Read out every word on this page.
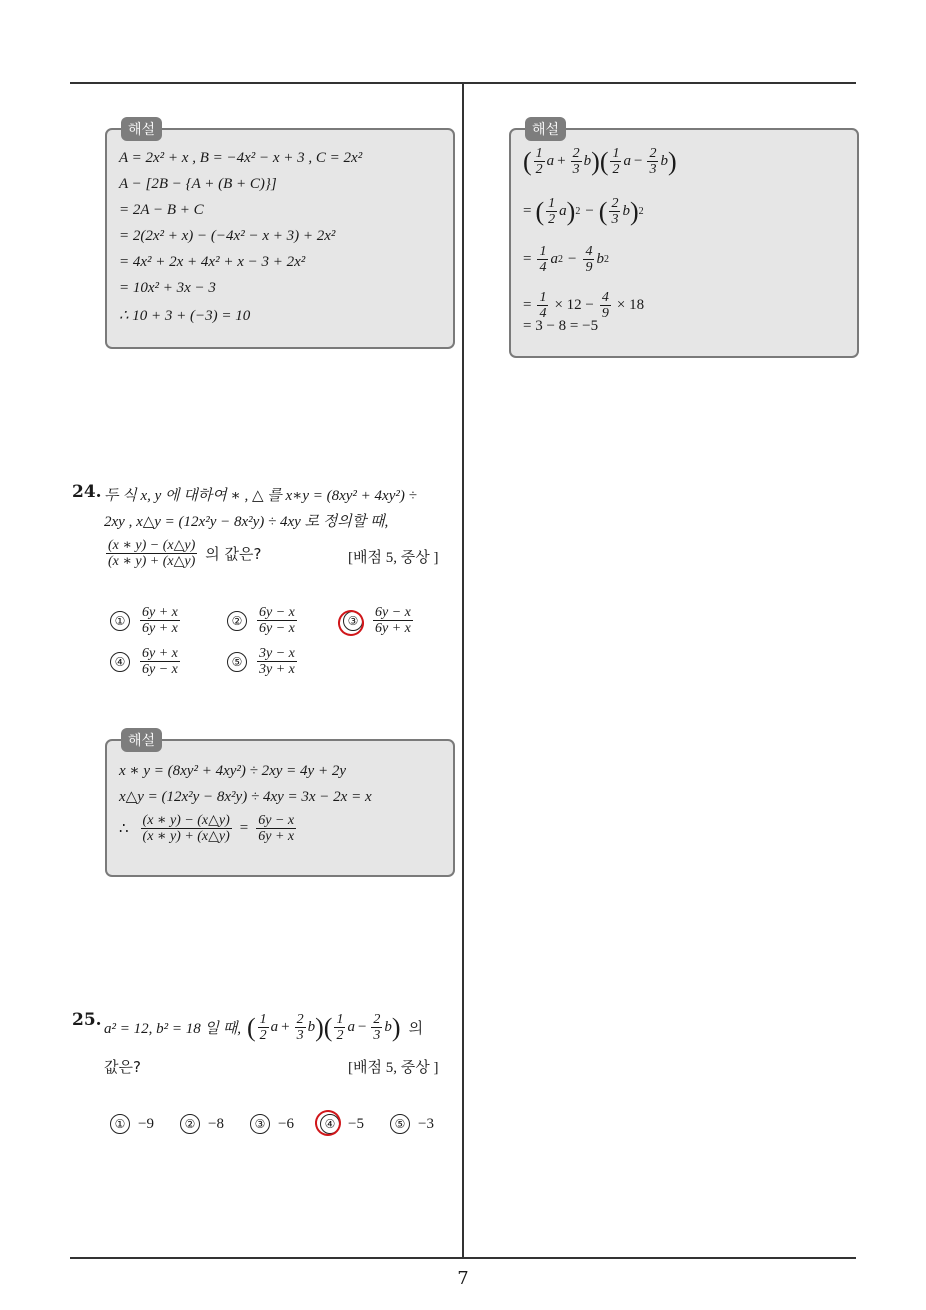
7
해설
A = 2x² + x , B = −4x² − x + 3 , C = 2x²
A − [2B − {A + (B + C)}]
= 2A − B + C
= 2(2x² + x) − (−4x² − x + 3) + 2x²
= 4x² + 2x + 4x² + x − 3 + 2x²
= 10x² + 3x − 3
∴ 10 + 3 + (−3) = 10
24. 두 식 x, y 에 대하여 ∗ , △ 를 x∗y = (8xy² + 4xy²) ÷
2xy , x△y = (12x²y − 8x²y) ÷ 4xy 로 정의할 때,
$\frac{(x ∗ y) - (x\triangle y)}{(x ∗ y) + (x\triangle y)}$ 의 값은?	[배점 5, 중상 ]
①	$\frac{6y + x}{6y + x}$	②	$\frac{6y - x}{6y - x}$	③	$\frac{6y - x}{6y + x}$
④	$\frac{6y + x}{6y - x}$	⑤	$\frac{3y - x}{3y + x}$
해설
x ∗ y = (8xy² + 4xy²) ÷ 2xy = 4y + 2y
x△y = (12x²y − 8x²y) ÷ 4xy = 3x − 2x = x
∴ $\frac{(x ∗ y) - (x\triangle y)}{(x ∗ y) + (x\triangle y)} = \frac{6y - x}{6y + x}$
25. a² = 12, b² = 18 일 때, ( $\frac{1}{2}$ $a + \frac{2}{3}$ b ) ( $\frac{1}{2}$ $a - \frac{2}{3}$ b ) 의
값은?	[배점 5, 중상 ]
① −9	② −8	③ −6	④ −5	⑤ −3
해설
( $\frac{1}{2}$ $a + \frac{2}{3}$ b ) ( $\frac{1}{2}$ $a - \frac{2}{3}$ b )
= ( $\frac{1}{2}$ a ) 2 − ( $\frac{2}{3}$ b ) 2
= $\frac{1}{4}$ a $2 - \frac{4}{9}$ b 2
= $\frac{1}{4} \times 12 - \frac{4}{9} \times 18$
= 3 − 8 = −5
